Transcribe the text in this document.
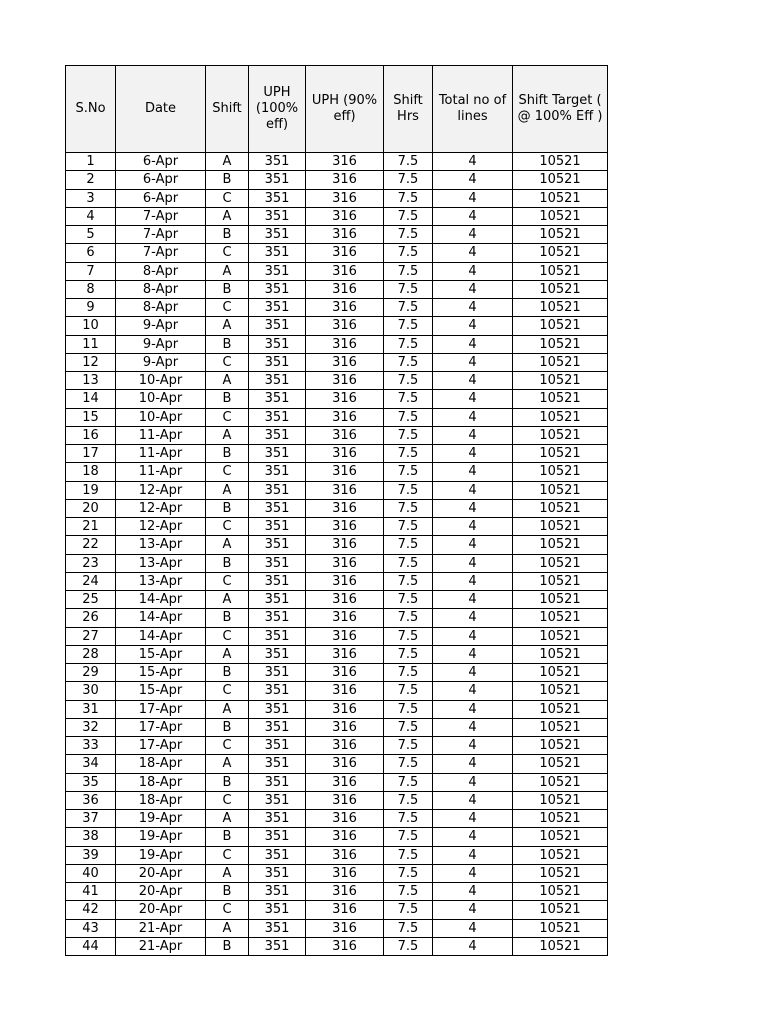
S.No	Date	Shift	UPH (100% eff)	UPH (90% eff)	Shift Hrs	Total no of lines	Shift Target ( @ 100% Eff )
1	6-Apr	A	351	316	7.5	4	10521
2	6-Apr	B	351	316	7.5	4	10521
3	6-Apr	C	351	316	7.5	4	10521
4	7-Apr	A	351	316	7.5	4	10521
5	7-Apr	B	351	316	7.5	4	10521
6	7-Apr	C	351	316	7.5	4	10521
7	8-Apr	A	351	316	7.5	4	10521
8	8-Apr	B	351	316	7.5	4	10521
9	8-Apr	C	351	316	7.5	4	10521
10	9-Apr	A	351	316	7.5	4	10521
11	9-Apr	B	351	316	7.5	4	10521
12	9-Apr	C	351	316	7.5	4	10521
13	10-Apr	A	351	316	7.5	4	10521
14	10-Apr	B	351	316	7.5	4	10521
15	10-Apr	C	351	316	7.5	4	10521
16	11-Apr	A	351	316	7.5	4	10521
17	11-Apr	B	351	316	7.5	4	10521
18	11-Apr	C	351	316	7.5	4	10521
19	12-Apr	A	351	316	7.5	4	10521
20	12-Apr	B	351	316	7.5	4	10521
21	12-Apr	C	351	316	7.5	4	10521
22	13-Apr	A	351	316	7.5	4	10521
23	13-Apr	B	351	316	7.5	4	10521
24	13-Apr	C	351	316	7.5	4	10521
25	14-Apr	A	351	316	7.5	4	10521
26	14-Apr	B	351	316	7.5	4	10521
27	14-Apr	C	351	316	7.5	4	10521
28	15-Apr	A	351	316	7.5	4	10521
29	15-Apr	B	351	316	7.5	4	10521
30	15-Apr	C	351	316	7.5	4	10521
31	17-Apr	A	351	316	7.5	4	10521
32	17-Apr	B	351	316	7.5	4	10521
33	17-Apr	C	351	316	7.5	4	10521
34	18-Apr	A	351	316	7.5	4	10521
35	18-Apr	B	351	316	7.5	4	10521
36	18-Apr	C	351	316	7.5	4	10521
37	19-Apr	A	351	316	7.5	4	10521
38	19-Apr	B	351	316	7.5	4	10521
39	19-Apr	C	351	316	7.5	4	10521
40	20-Apr	A	351	316	7.5	4	10521
41	20-Apr	B	351	316	7.5	4	10521
42	20-Apr	C	351	316	7.5	4	10521
43	21-Apr	A	351	316	7.5	4	10521
44	21-Apr	B	351	316	7.5	4	10521
